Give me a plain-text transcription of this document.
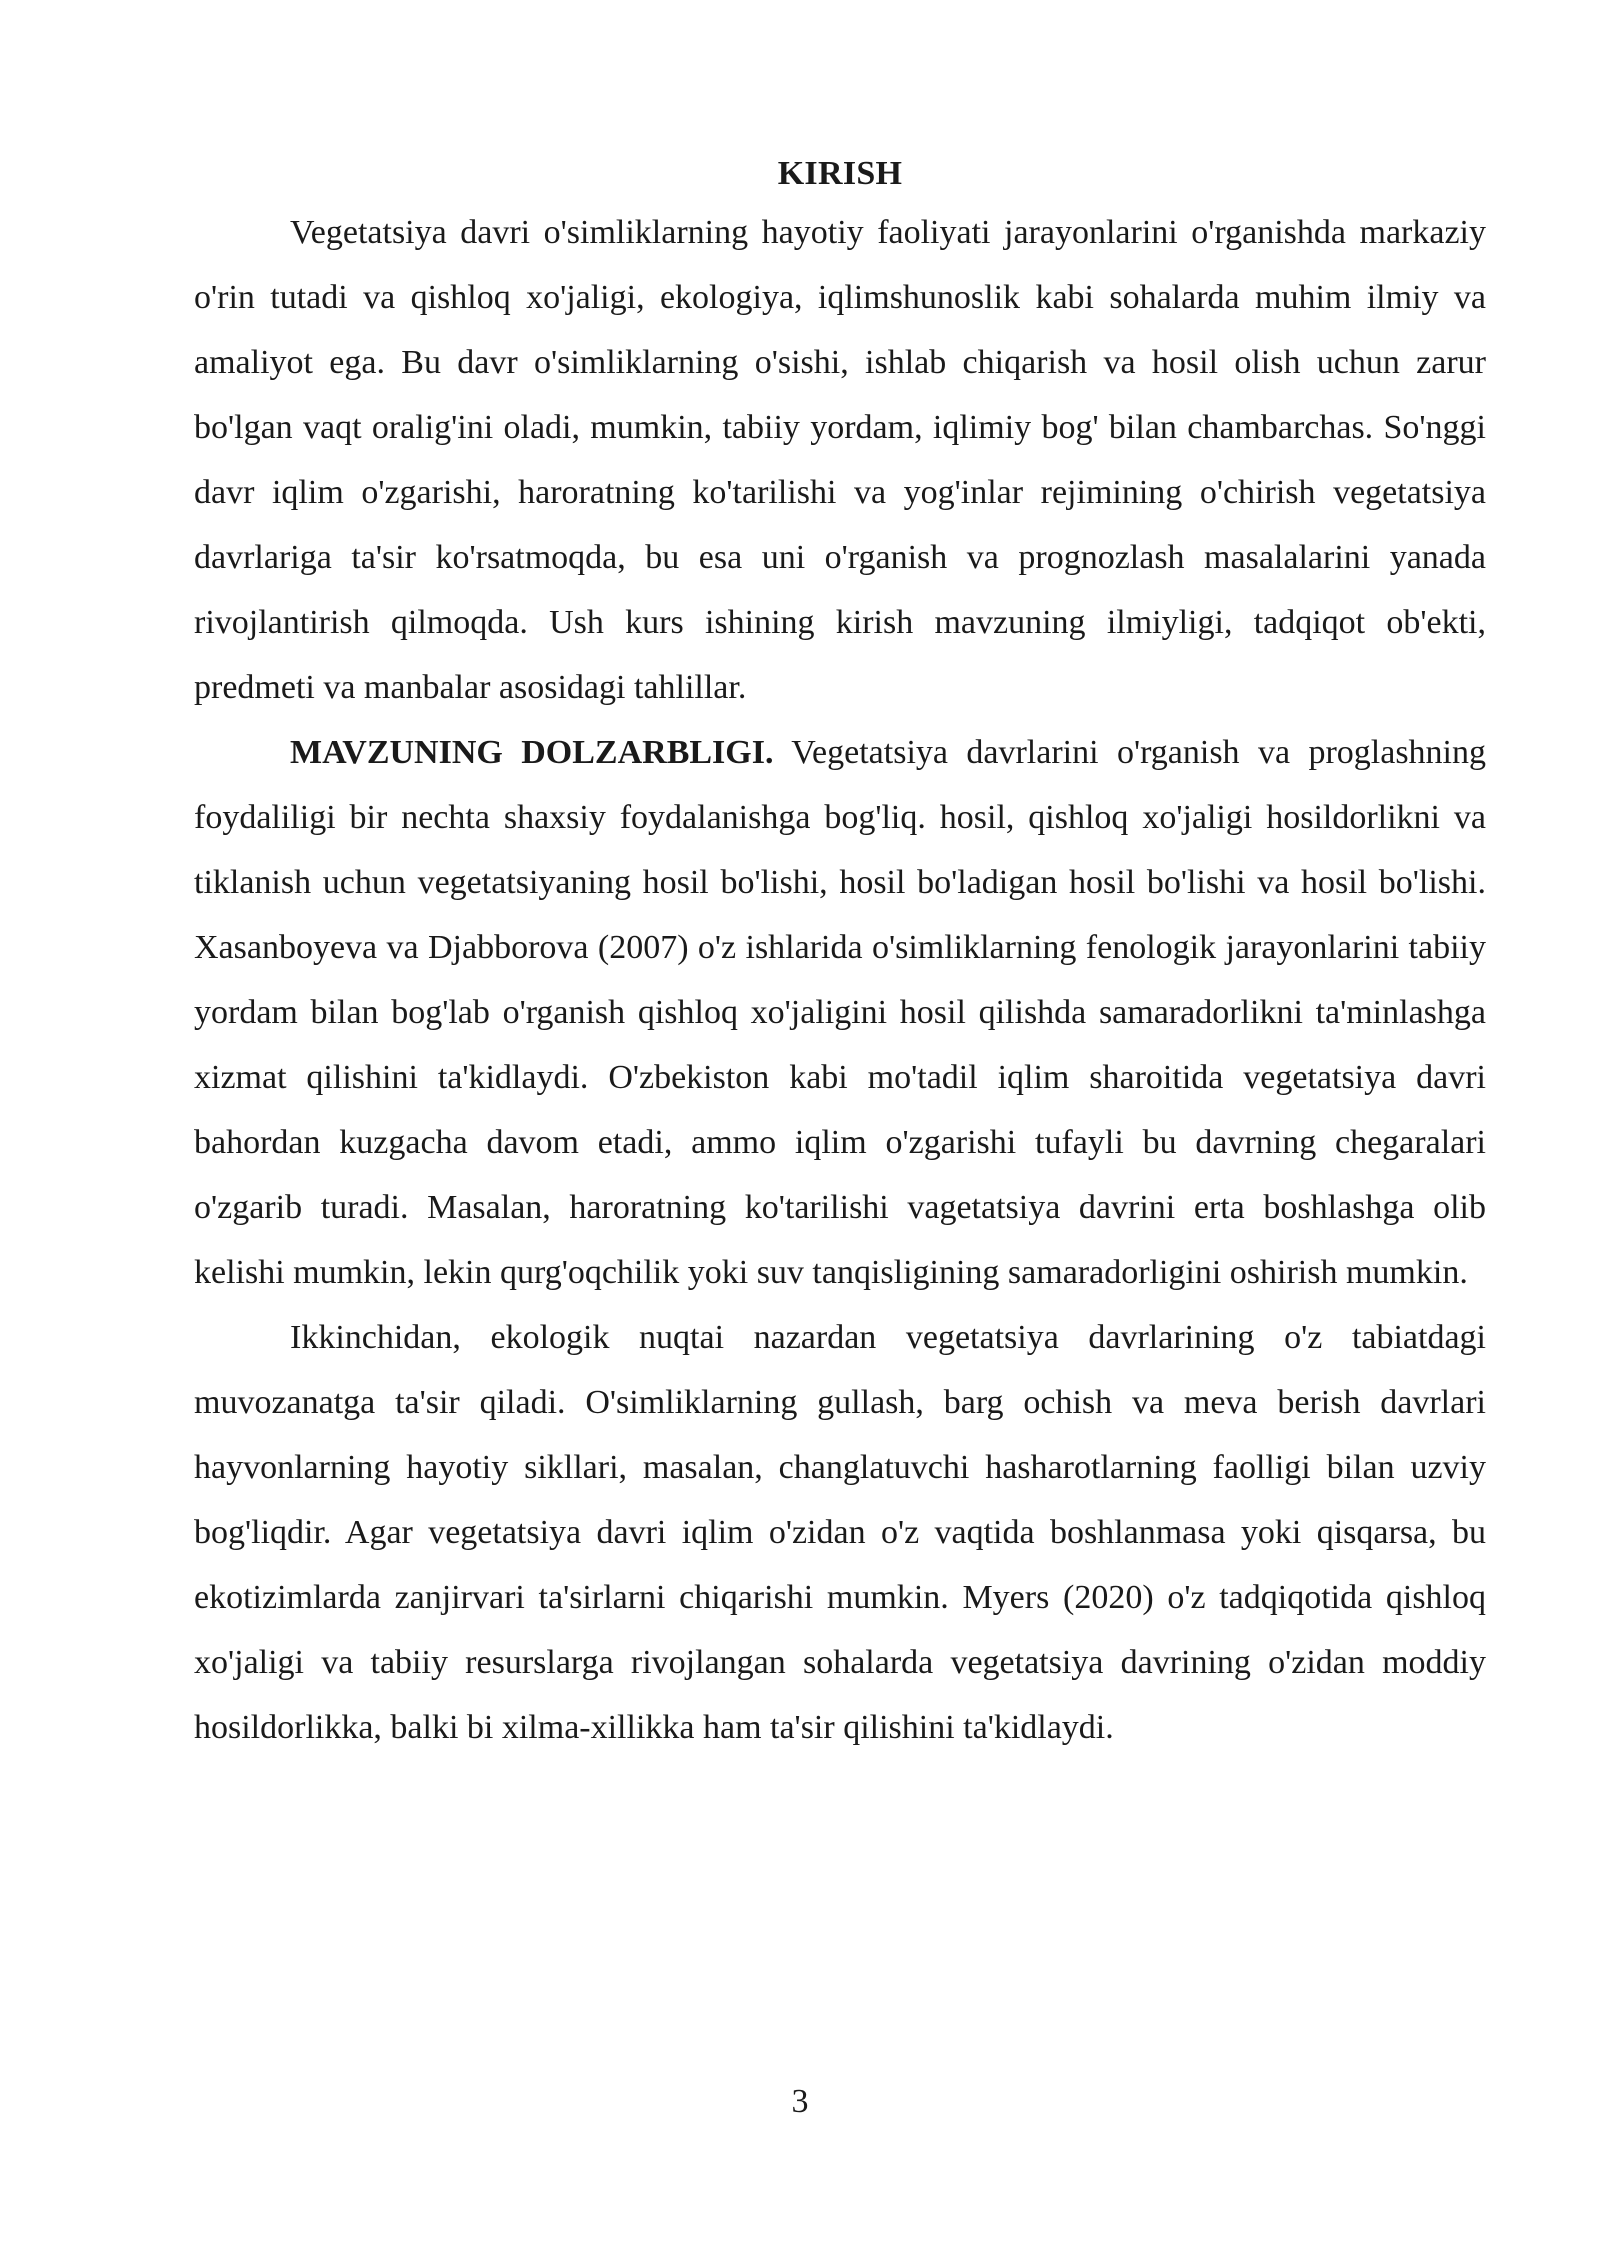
KIRISH

Vegetatsiya davri o'simliklarning hayotiy faoliyati jarayonlarini o'rganishda markaziy o'rin tutadi va qishloq xo'jaligi, ekologiya, iqlimshunoslik kabi sohalarda muhim ilmiy va amaliyot ega. Bu davr o'simliklarning o'sishi, ishlab chiqarish va hosil olish uchun zarur bo'lgan vaqt oralig'ini oladi, mumkin, tabiiy yordam, iqlimiy bog' bilan chambarchas. So'nggi davr iqlim o'zgarishi, haroratning ko'tarilishi va yog'inlar rejimining o'chirish vegetatsiya davrlariga ta'sir ko'rsatmoqda, bu esa uni o'rganish va prognozlash masalalarini yanada rivojlantirish qilmoqda. Ush kurs ishining kirish mavzuning ilmiyligi, tadqiqot ob'ekti, predmeti va manbalar asosidagi tahlillar.

MAVZUNING DOLZARBLIGI. Vegetatsiya davrlarini o'rganish va proglashning foydaliligi bir nechta shaxsiy foydalanishga bog'liq. hosil, qishloq xo'jaligi hosildorlikni va tiklanish uchun vegetatsiyaning hosil bo'lishi, hosil bo'ladigan hosil bo'lishi va hosil bo'lishi. Xasanboyeva va Djabborova (2007) o'z ishlarida o'simliklarning fenologik jarayonlarini tabiiy yordam bilan bog'lab o'rganish qishloq xo'jaligini hosil qilishda samaradorlikni ta'minlashga xizmat qilishini ta'kidlaydi. O'zbekiston kabi mo'tadil iqlim sharoitida vegetatsiya davri bahordan kuzgacha davom etadi, ammo iqlim o'zgarishi tufayli bu davrning chegaralari o'zgarib turadi. Masalan, haroratning ko'tarilishi vagetatsiya davrini erta boshlashga olib kelishi mumkin, lekin qurg'oqchilik yoki suv tanqisligining samaradorligini oshirish mumkin.

Ikkinchidan, ekologik nuqtai nazardan vegetatsiya davrlarining o'z tabiatdagi muvozanatga ta'sir qiladi. O'simliklarning gullash, barg ochish va meva berish davrlari hayvonlarning hayotiy sikllari, masalan, changlatuvchi hasharotlarning faolligi bilan uzviy bog'liqdir. Agar vegetatsiya davri iqlim o'zidan o'z vaqtida boshlanmasa yoki qisqarsa, bu ekotizimlarda zanjirvari ta'sirlarni chiqarishi mumkin. Myers (2020) o'z tadqiqotida qishloq xo'jaligi va tabiiy resurslarga rivojlangan sohalarda vegetatsiya davrining o'zidan moddiy hosildorlikka, balki bi xilma-xillikka ham ta'sir qilishini ta'kidlaydi.

3
